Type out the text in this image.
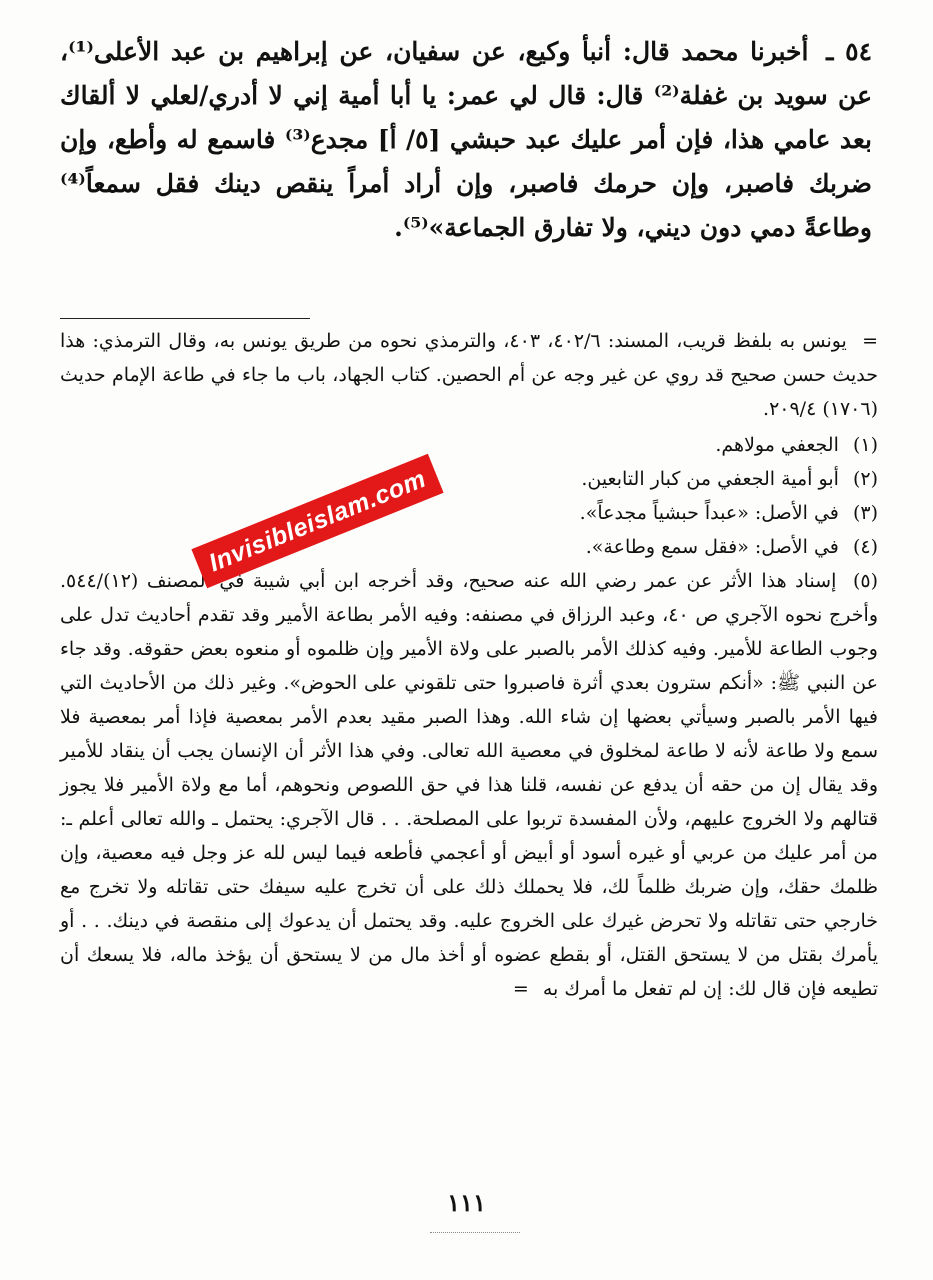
٥٤ ـ أخبرنا محمد قال: أنبأ وكيع، عن سفيان، عن إبراهيم بن عبد الأعلى⁽¹⁾، عن سويد بن غفلة⁽²⁾ قال: قال لي عمر: يا أبا أمية إني لا أدري/لعلي لا ألقاك بعد عامي هذا، فإن أمر عليك عبد حبشي [٥/ أ] مجدع⁽³⁾ فاسمع له وأطع، وإن ضربك فاصبر، وإن حرمك فاصبر، وإن أراد أمراً ينقص دينك فقل سمعاً⁽⁴⁾ وطاعةً دمي دون ديني، ولا تفارق الجماعة»⁽⁵⁾.
= يونس به بلفظ قريب، المسند: ٤٠٢/٦، ٤٠٣، والترمذي نحوه من طريق يونس به، وقال الترمذي: هذا حديث حسن صحيح قد روي عن غير وجه عن أم الحصين. كتاب الجهاد، باب ما جاء في طاعة الإمام حديث (١٧٠٦) ٢٠٩/٤.
(١) الجعفي مولاهم.
(٢) أبو أمية الجعفي من كبار التابعين.
(٣) في الأصل: «عبداً حبشياً مجدعاً».
(٤) في الأصل: «فقل سمع وطاعة».
(٥) إسناد هذا الأثر عن عمر رضي الله عنه صحيح، وقد أخرجه ابن أبي شيبة في المصنف (١٢)/٥٤٤. وأخرج نحوه الآجري ص ٤٠، وعبد الرزاق في مصنفه: وفيه الأمر بطاعة الأمير وقد تقدم أحاديث تدل على وجوب الطاعة للأمير. وفيه كذلك الأمر بالصبر على ولاة الأمير وإن ظلموه أو منعوه بعض حقوقه. وقد جاء عن النبي ﷺ: «أنكم سترون بعدي أثرة فاصبروا حتى تلقوني على الحوض». وغير ذلك من الأحاديث التي فيها الأمر بالصبر وسيأتي بعضها إن شاء الله. وهذا الصبر مقيد بعدم الأمر بمعصية فإذا أمر بمعصية فلا سمع ولا طاعة لأنه لا طاعة لمخلوق في معصية الله تعالى. وفي هذا الأثر أن الإنسان يجب أن ينقاد للأمير وقد يقال إن من حقه أن يدفع عن نفسه، قلنا هذا في حق اللصوص ونحوهم، أما مع ولاة الأمير فلا يجوز قتالهم ولا الخروج عليهم، ولأن المفسدة تربوا على المصلحة. . . قال الآجري: يحتمل ـ والله تعالى أعلم ـ: من أمر عليك من عربي أو غيره أسود أو أبيض أو أعجمي فأطعه فيما ليس لله عز وجل فيه معصية، وإن ظلمك حقك، وإن ضربك ظلماً لك، فلا يحملك ذلك على أن تخرج عليه سيفك حتى تقاتله ولا تخرج مع خارجي حتى تقاتله ولا تحرض غيرك على الخروج عليه. وقد يحتمل أن يدعوك إلى منقصة في دينك. . . أو يأمرك بقتل من لا يستحق القتل، أو بقطع عضوه أو أخذ مال من لا يستحق أن يؤخذ ماله، فلا يسعك أن تطيعه فإن قال لك: إن لم تفعل ما أمرك به =
١١١
Invisibleislam.com
